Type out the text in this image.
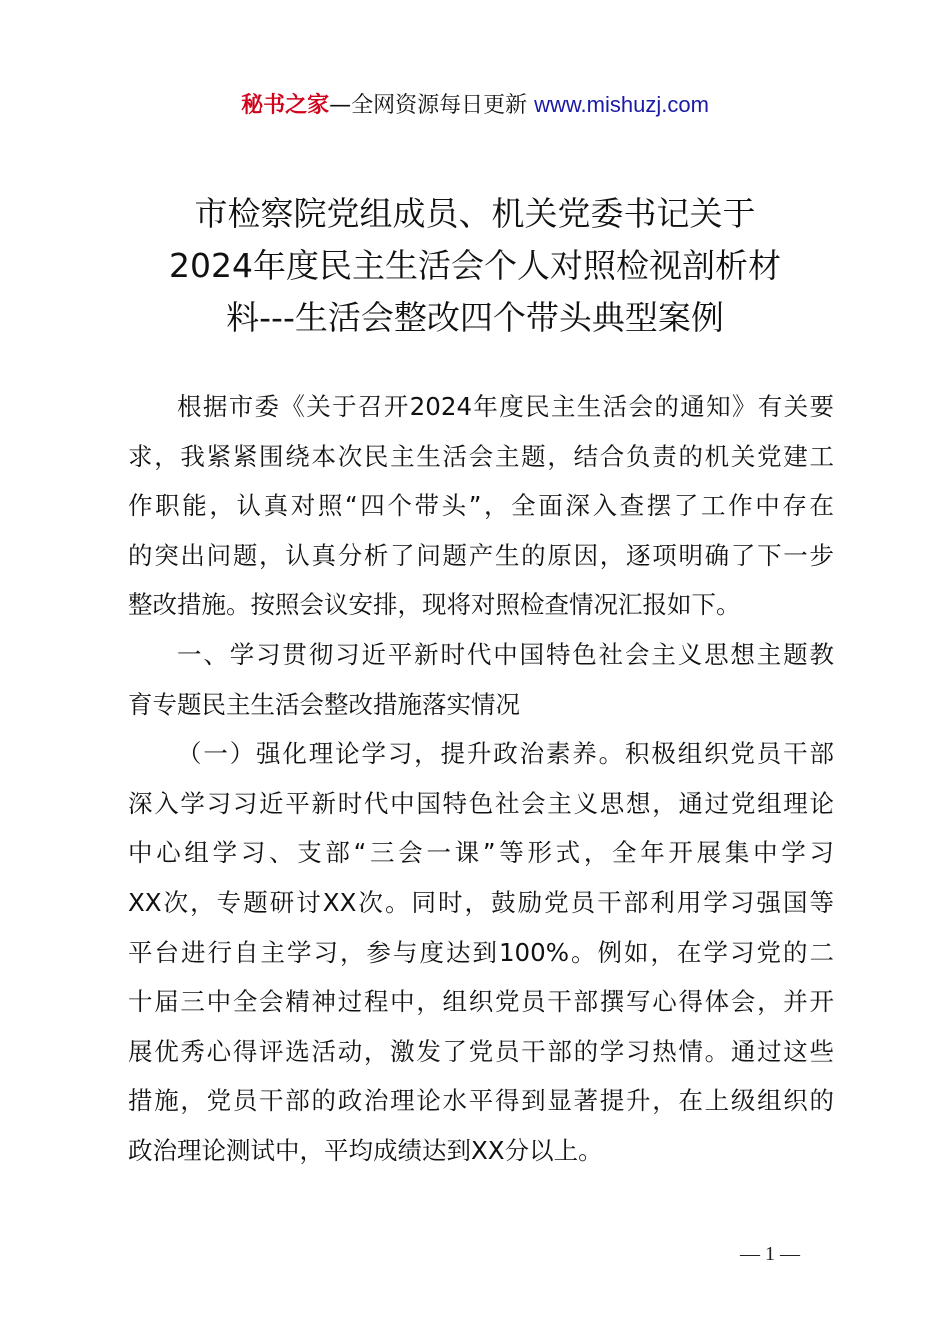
秘书之家—全网资源每日更新 www.mishuzj.com
市检察院党组成员、机关党委书记关于
2024年度民主生活会个人对照检视剖析材
料---生活会整改四个带头典型案例
根据市委《关于召开2024年度民主生活会的通知》有关要
求，我紧紧围绕本次民主生活会主题，结合负责的机关党建工
作职能，认真对照“四个带头”，全面深入查摆了工作中存在
的突出问题，认真分析了问题产生的原因，逐项明确了下一步
整改措施。按照会议安排，现将对照检查情况汇报如下。
一、学习贯彻习近平新时代中国特色社会主义思想主题教
育专题民主生活会整改措施落实情况
（一）强化理论学习，提升政治素养。积极组织党员干部
深入学习习近平新时代中国特色社会主义思想，通过党组理论
中心组学习、支部“三会一课”等形式，全年开展集中学习
XX次，专题研讨XX次。同时，鼓励党员干部利用学习强国等
平台进行自主学习，参与度达到100%。例如，在学习党的二
十届三中全会精神过程中，组织党员干部撰写心得体会，并开
展优秀心得评选活动，激发了党员干部的学习热情。通过这些
措施，党员干部的政治理论水平得到显著提升，在上级组织的
政治理论测试中，平均成绩达到XX分以上。
— 1 —
